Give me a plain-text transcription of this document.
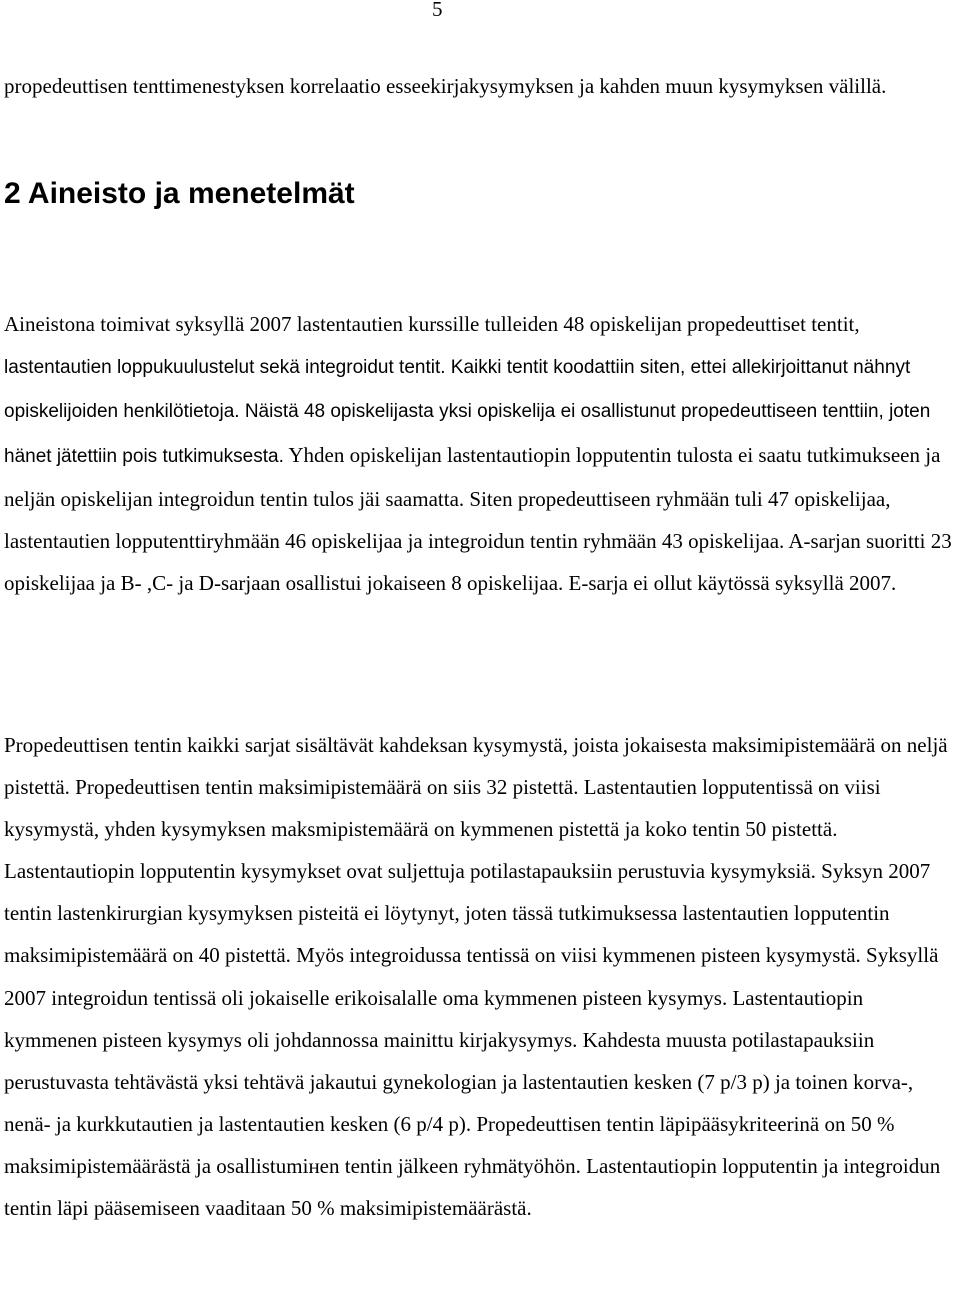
5

propedeuttisen tenttimenestyksen korrelaatio esseekirjakysymyksen ja kahden muun kysymyksen välillä.

2 Aineisto ja menetelmät

Aineistona toimivat syksyllä 2007 lastentautien kurssille tulleiden 48 opiskelijan propedeuttiset tentit, lastentautien loppukuulustelut sekä integroidut tentit. Kaikki tentit koodattiin siten, ettei allekirjoittanut nähnyt opiskelijoiden henkilötietoja. Näistä 48 opiskelijasta yksi opiskelija ei osallistunut propedeuttiseen tenttiin, joten hänet jätettiin pois tutkimuksesta. Yhden opiskelijan lastentautiopin lopputentin tulosta ei saatu tutkimukseen ja neljän opiskelijan integroidun tentin tulos jäi saamatta. Siten propedeuttiseen ryhmään tuli 47 opiskelijaa, lastentautien lopputenttiryhmään 46 opiskelijaa ja integroidun tentin ryhmään 43 opiskelijaa. A-sarjan suoritti 23 opiskelijaa ja B- ,C- ja D-sarjaan osallistui jokaiseen 8 opiskelijaa. E-sarja ei ollut käytössä syksyllä 2007.

Propedeuttisen tentin kaikki sarjat sisältävät kahdeksan kysymystä, joista jokaisesta maksimipistemäärä on neljä pistettä. Propedeuttisen tentin maksimipistemäärä on siis 32 pistettä. Lastentautien lopputentissä on viisi kysymystä, yhden kysymyksen maksmipistemäärä on kymmenen pistettä ja koko tentin 50 pistettä. Lastentautiopin lopputentin kysymykset ovat suljettuja potilastapauksiin perustuvia kysymyksiä. Syksyn 2007 tentin lastenkirurgian kysymyksen pisteitä ei löytynyt, joten tässä tutkimuksessa lastentautien lopputentin maksimipistemäärä on 40 pistettä. Myös integroidussa tentissä on viisi kymmenen pisteen kysymystä. Syksyllä 2007 integroidun tentissä oli jokaiselle erikoisalalle oma kymmenen pisteen kysymys. Lastentautiopin kymmenen pisteen kysymys oli johdannossa mainittu kirjakysymys. Kahdesta muusta potilastapauksiin perustuvasta tehtävästä yksi tehtävä jakautui gynekologian ja lastentautien kesken (7 p/3 p) ja toinen korva-, nenä- ja kurkkutautien ja lastentautien kesken (6 p/4 p). Propedeuttisen tentin läpipääsykriteerinä on 50 % maksimipistemäärästä ja osallistumінen tentin jälkeen ryhmätyöhön. Lastentautiopin lopputentin ja integroidun tentin läpi pääsemiseen vaaditaan 50 % maksimipistemäärästä.
